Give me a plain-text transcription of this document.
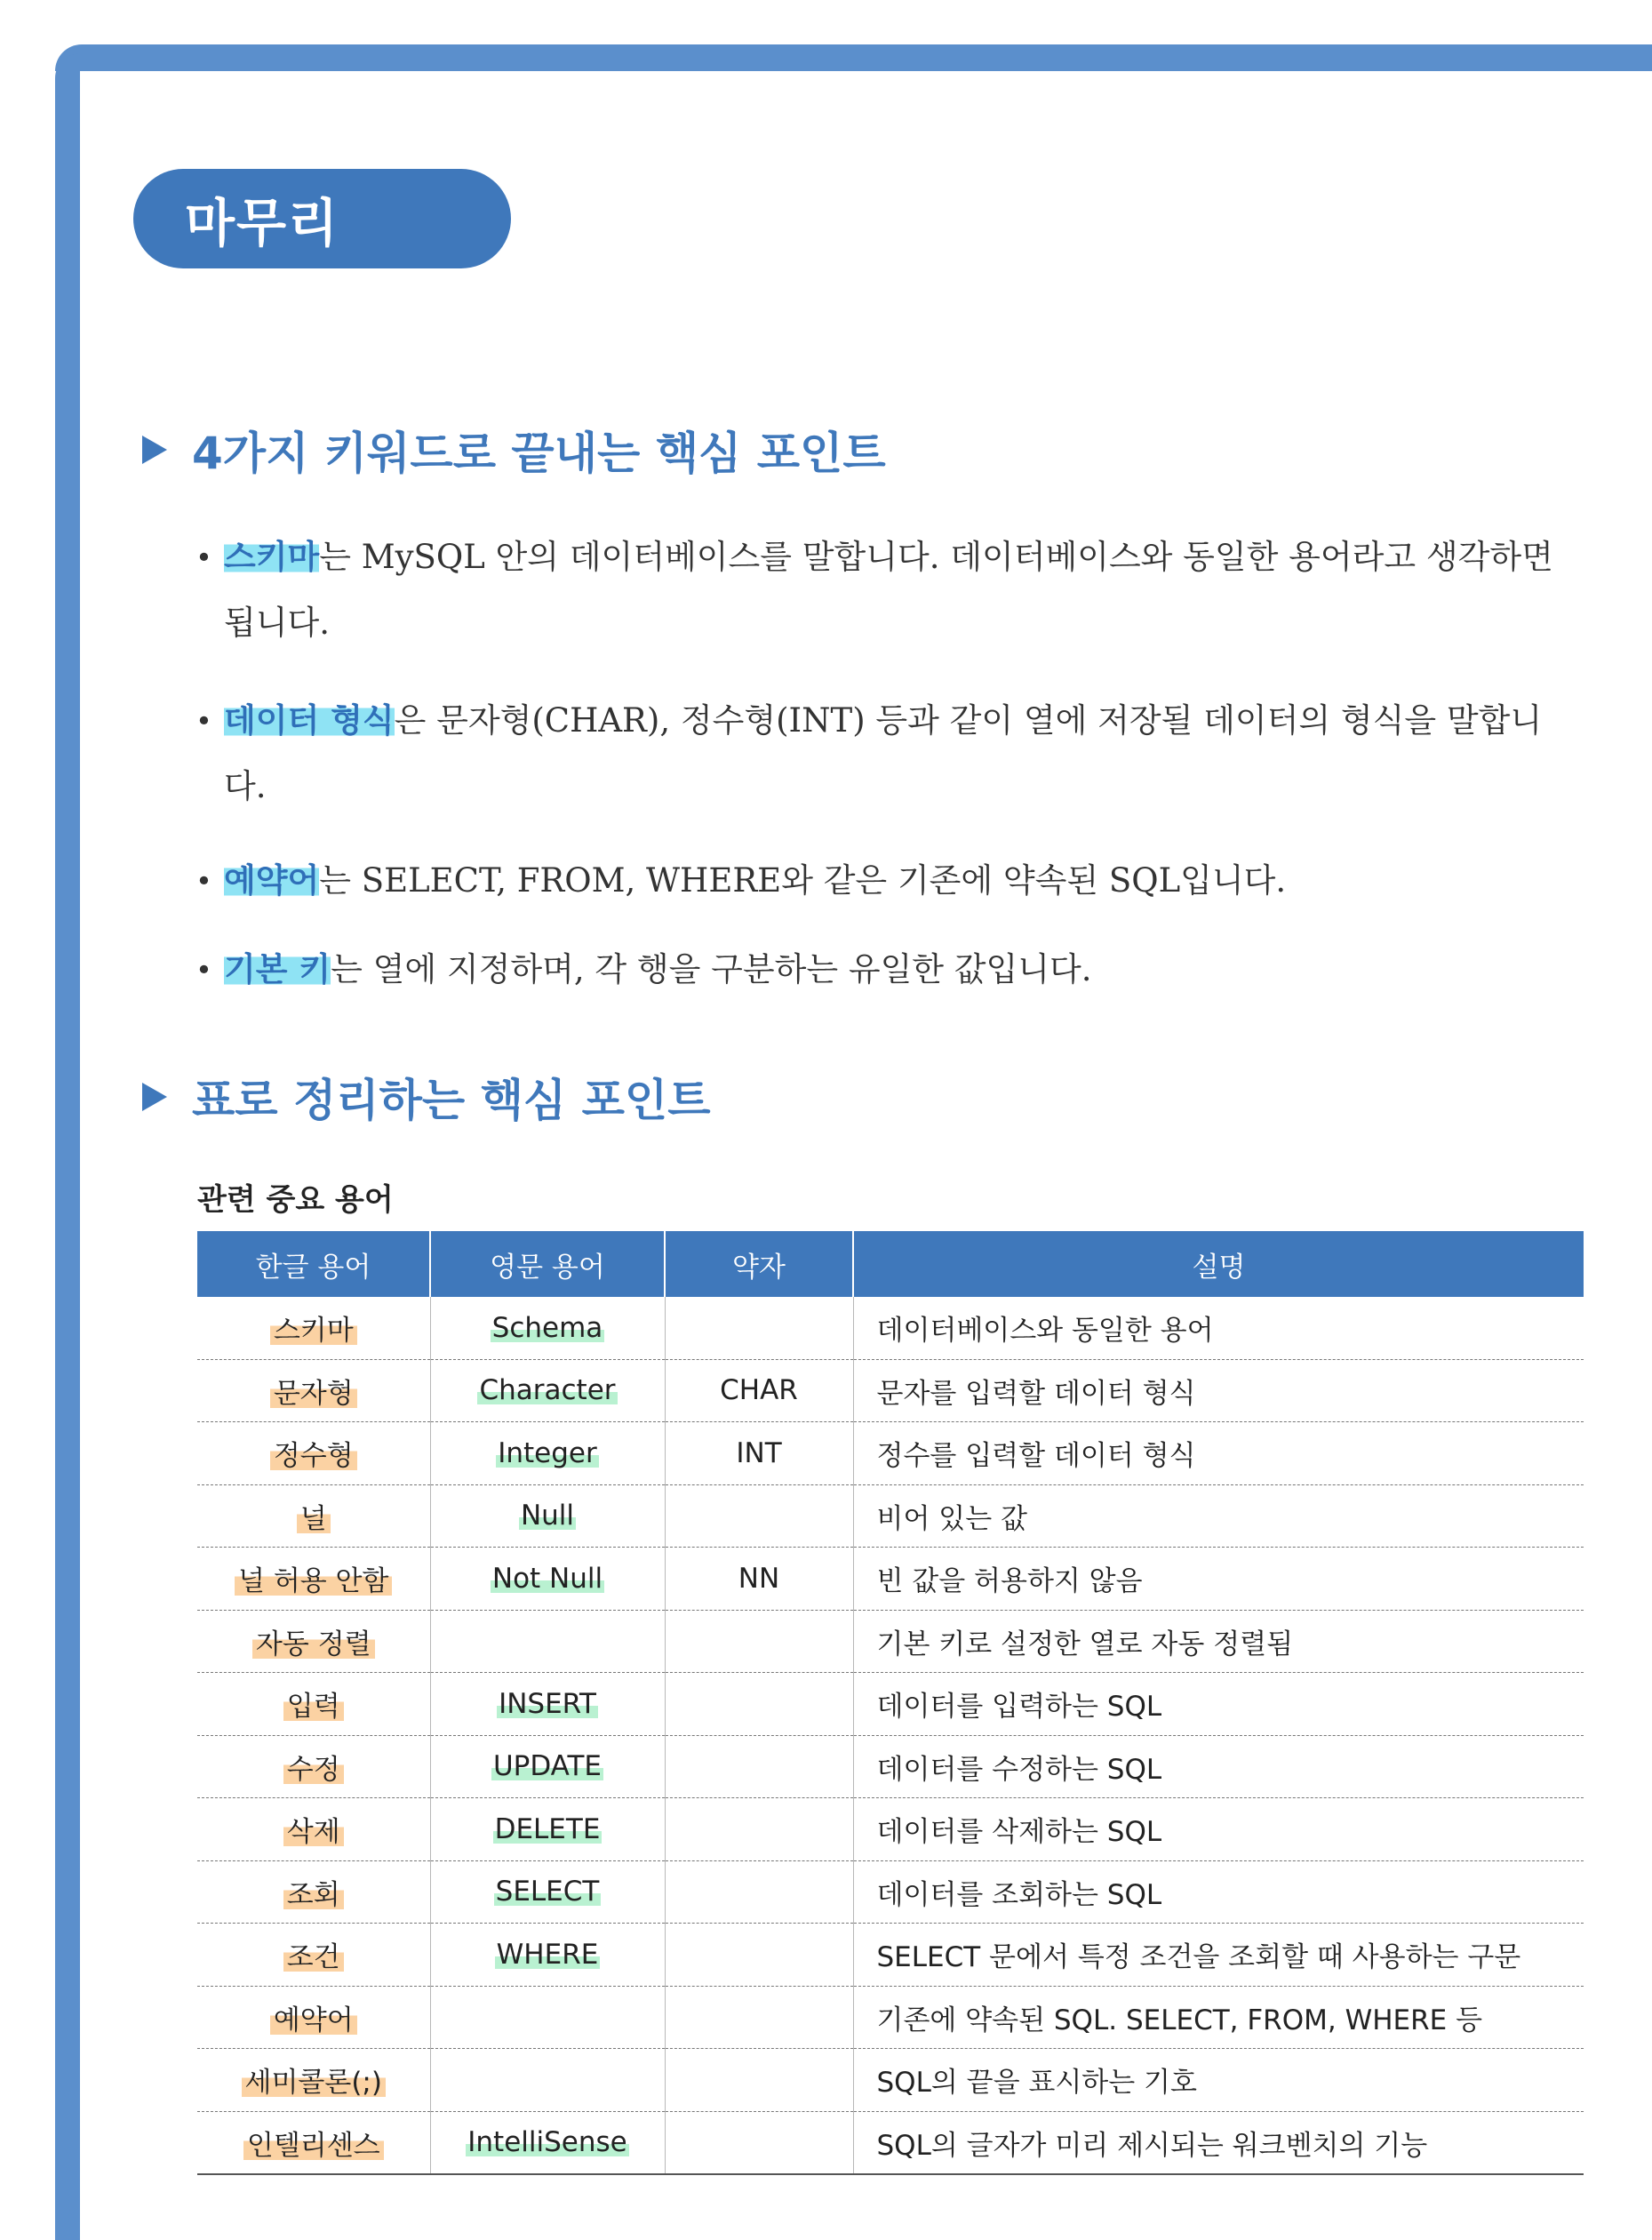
마무리
4가지 키워드로 끝내는 핵심 포인트
• 스키마는 MySQL 안의 데이터베이스를 말합니다. 데이터베이스와 동일한 용어라고 생각하면 됩니다.
• 데이터 형식은 문자형(CHAR), 정수형(INT) 등과 같이 열에 저장될 데이터의 형식을 말합니다.
• 예약어는 SELECT, FROM, WHERE와 같은 기존에 약속된 SQL입니다.
• 기본 키는 열에 지정하며, 각 행을 구분하는 유일한 값입니다.
표로 정리하는 핵심 포인트
관련 중요 용어
한글 용어	영문 용어	약자	설명
스키마	Schema		데이터베이스와 동일한 용어
문자형	Character	CHAR	문자를 입력할 데이터 형식
정수형	Integer	INT	정수를 입력할 데이터 형식
널	Null		비어 있는 값
널 허용 안함	Not Null	NN	빈 값을 허용하지 않음
자동 정렬			기본 키로 설정한 열로 자동 정렬됨
입력	INSERT		데이터를 입력하는 SQL
수정	UPDATE		데이터를 수정하는 SQL
삭제	DELETE		데이터를 삭제하는 SQL
조회	SELECT		데이터를 조회하는 SQL
조건	WHERE		SELECT 문에서 특정 조건을 조회할 때 사용하는 구문
예약어			기존에 약속된 SQL. SELECT, FROM, WHERE 등
세미콜론(;)			SQL의 끝을 표시하는 기호
인텔리센스	IntelliSense		SQL의 글자가 미리 제시되는 워크벤치의 기능
